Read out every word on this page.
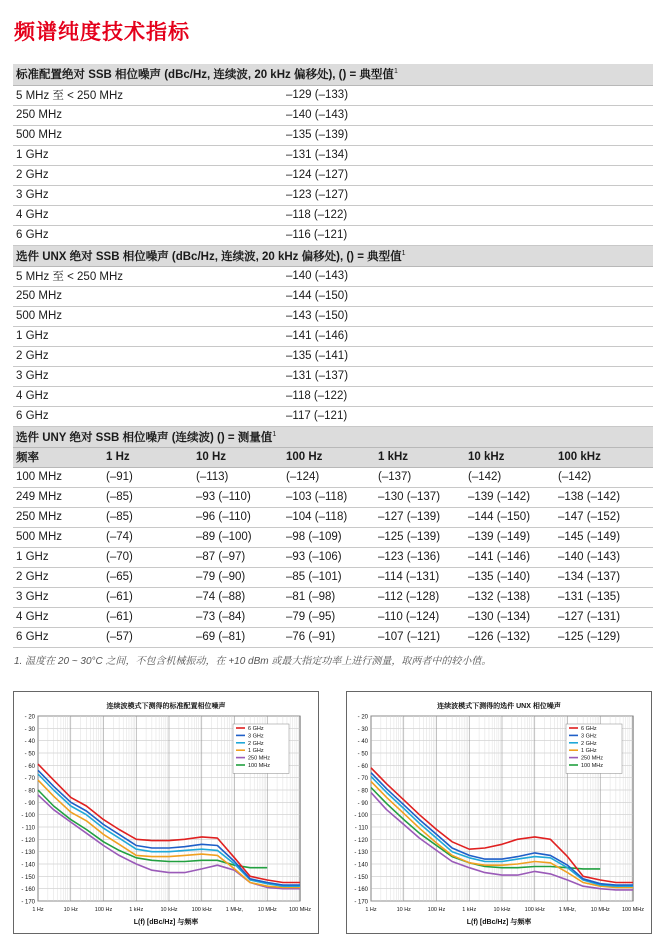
频谱纯度技术指标
标准配置绝对 SSB 相位噪声 (dBc/Hz, 连续波, 20 kHz 偏移处), () = 典型值$^1$
5 MHz 至 < 250 MHz			–129 (–133)			
250 MHz			–140 (–143)			
500 MHz			–135 (–139)			
1 GHz			–131 (–134)			
2 GHz			–124 (–127)			
3 GHz			–123 (–127)			
4 GHz			–118 (–122)			
6 GHz			–116 (–121)			
选件 UNX 绝对 SSB 相位噪声 (dBc/Hz, 连续波, 20 kHz 偏移处), () = 典型值$^1$
5 MHz 至 < 250 MHz			–140 (–143)			
250 MHz			–144 (–150)			
500 MHz			–143 (–150)			
1 GHz			–141 (–146)			
2 GHz			–135 (–141)			
3 GHz			–131 (–137)			
4 GHz			–118 (–122)			
6 GHz			–117 (–121)			
选件 UNY 绝对 SSB 相位噪声 (连续波) () = 测量值$^1$
频率	1 Hz	10 Hz	100 Hz	1 kHz	10 kHz	100 kHz
100 MHz	(–91)	(–113)	(–124)	(–137)	(–142)	(–142)
249 MHz	(–85)	–93 (–110)	–103 (–118)	–130 (–137)	–139 (–142)	–138 (–142)
250 MHz	(–85)	–96 (–110)	–104 (–118)	–127 (–139)	–144 (–150)	–147 (–152)
500 MHz	(–74)	–89 (–100)	–98 (–109)	–125 (–139)	–139 (–149)	–145 (–149)
1 GHz	(–70)	–87 (–97)	–93 (–106)	–123 (–136)	–141 (–146)	–140 (–143)
2 GHz	(–65)	–79 (–90)	–85 (–101)	–114 (–131)	–135 (–140)	–134 (–137)
3 GHz	(–61)	–74 (–88)	–81 (–98)	–112 (–128)	–132 (–138)	–131 (–135)
4 GHz	(–61)	–73 (–84)	–79 (–95)	–110 (–124)	–130 (–134)	–127 (–131)
6 GHz	(–57)	–69 (–81)	–76 (–91)	–107 (–121)	–126 (–132)	–125 (–129)
1. 温度在 20 ~ 30°C 之间，不包含机械振动，在 +10 dBm 或最大指定功率上进行测量，取两者中的较小值。
- 20
- 30
- 40
- 50
- 60
- 70
- 80
- 90
- 100
- 110
- 120
- 130
- 140
- 150
- 160
- 170
1 Hz	10 Hz	100 Hz	1 kHz	10 kHz	100 kHz	1 MHz,	10 MHz 100 MHz
连续波模式下测得的标准配置相位噪声
L(f) [dBc/Hz] 与频率
6 GHz
3 GHz
2 GHz
1 GHz
250 MHz
100 MHz
- 20
- 30
- 40
- 50
- 60
- 70
- 80
- 90
- 100
- 110
- 120
- 130
- 140
- 150
- 160
- 170
1 Hz	10 Hz	100 Hz	1 kHz	10 kHz	100 kHz	1 MHz,	10 MHz 100 MHz
连续波模式下测得的选件 UNX 相位噪声
L(f) [dBc/Hz] 与频率
6 GHz
3 GHz
2 GHz
1 GHz
250 MHz
100 MHz
